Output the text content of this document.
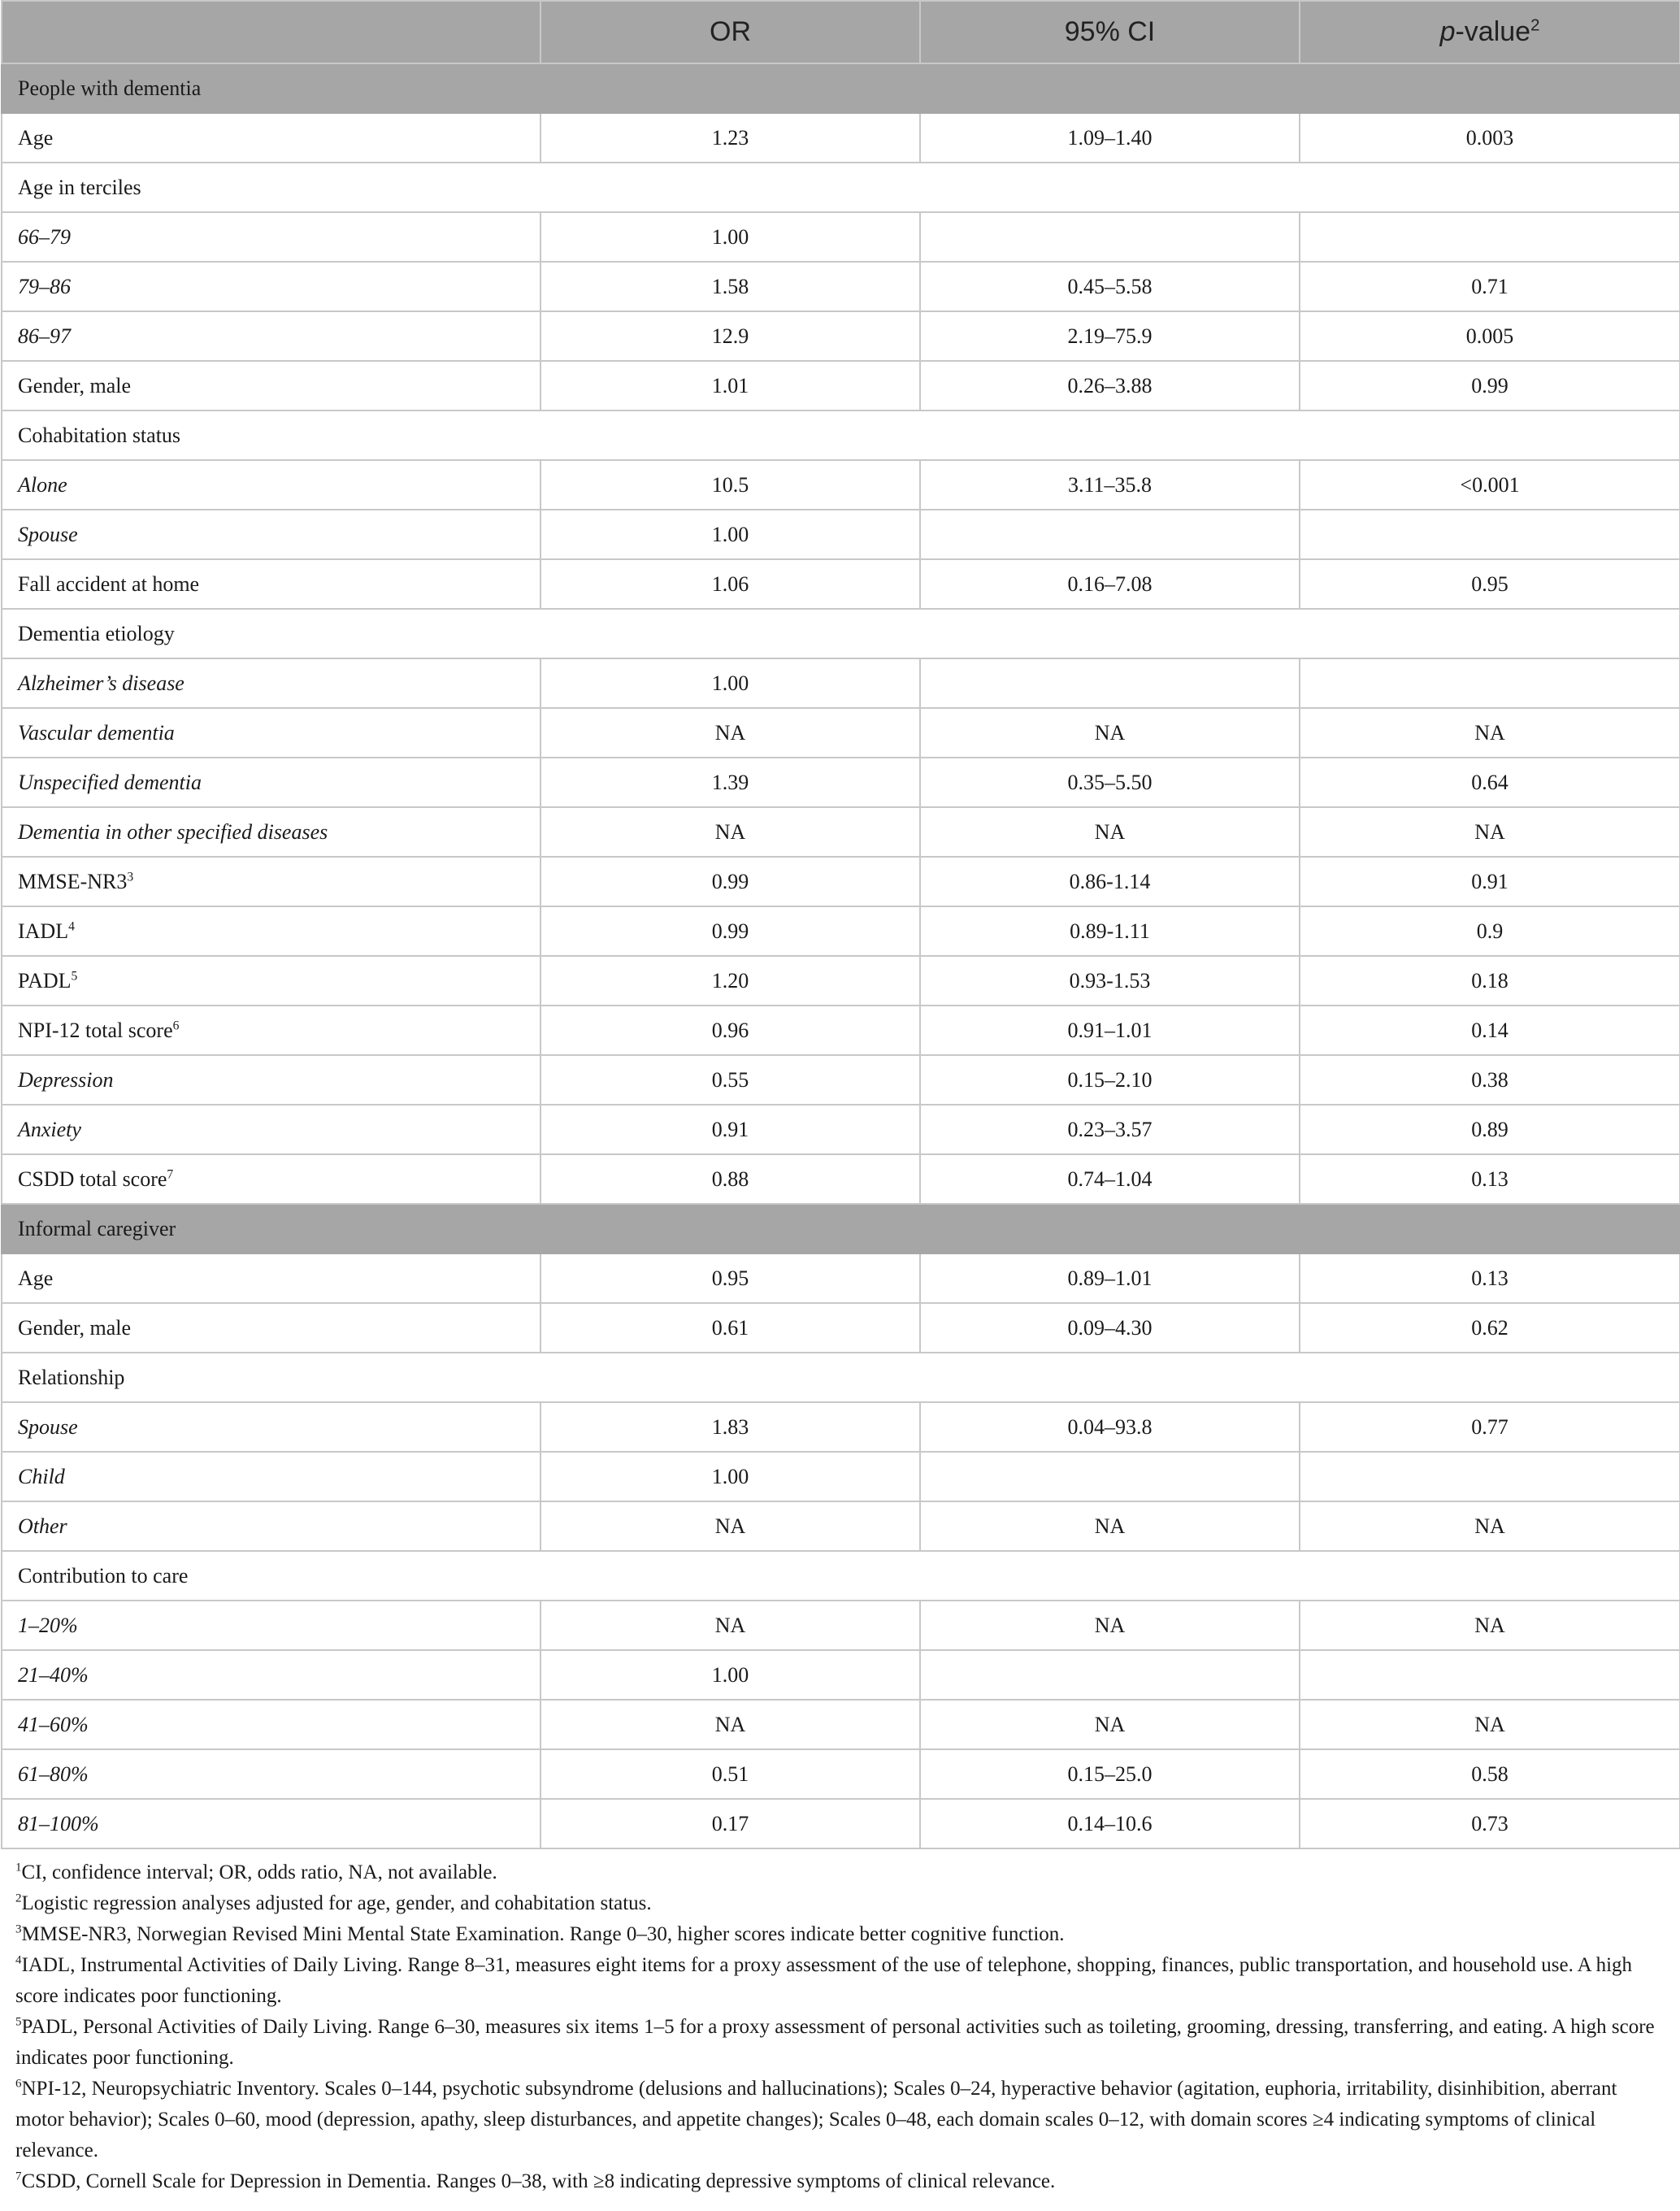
	OR	95% CI	p-value$^2$
People with dementia			
Age	1.23	1.09–1.40	0.003
Age in terciles			
66–79	1.00		
79–86	1.58	0.45–5.58	0.71
86–97	12.9	2.19–75.9	0.005
Gender, male	1.01	0.26–3.88	0.99
Cohabitation status			
Alone	10.5	3.11–35.8	<0.001
Spouse	1.00		
Fall accident at home	1.06	0.16–7.08	0.95
Dementia etiology			
Alzheimer’s disease	1.00		
Vascular dementia	NA	NA	NA
Unspecified dementia	1.39	0.35–5.50	0.64
Dementia in other specified diseases	NA	NA	NA
MMSE-$NR3^3$	0.99	0.86-1.14	0.91
IADL$^4$	0.99	0.89-1.11	0.9
PADL$^5$	1.20	0.93-1.53	0.18
NPI-12 total score$^6$	0.96	0.91–1.01	0.14
Depression	0.55	0.15–2.10	0.38
Anxiety	0.91	0.23–3.57	0.89
CSDD total score$^7$	0.88	0.74–1.04	0.13
Informal caregiver			
Age	0.95	0.89–1.01	0.13
Gender, male	0.61	0.09–4.30	0.62
Relationship			
Spouse	1.83	0.04–93.8	0.77
Child	1.00		
Other	NA	NA	NA
Contribution to care			
1–20%	NA	NA	NA
21–40%	1.00		
41–60%	NA	NA	NA
61–80%	0.51	0.15–25.0	0.58
81–100%	0.17	0.14–10.6	0.73

$^1$CI, confidence interval; OR, odds ratio, NA, not available.

$^2$Logistic regression analyses adjusted for age, gender, and cohabitation status.

$^3$MMSE-NR3, Norwegian Revised Mini Mental State Examination. Range 0–30, higher scores indicate better cognitive function.

$^4$IADL, Instrumental Activities of Daily Living. Range 8–31, measures eight items for a proxy assessment of the use of telephone, shopping, finances, public transportation, and household use. A high score indicates poor functioning.

$^5$PADL, Personal Activities of Daily Living. Range 6–30, measures six items 1–5 for a proxy assessment of personal activities such as toileting, grooming, dressing, transferring, and eating. A high score indicates poor functioning.

$^6$NPI-12, Neuropsychiatric Inventory. Scales 0–144, psychotic subsyndrome (delusions and hallucinations); Scales 0–24, hyperactive behavior (agitation, euphoria, irritability, disinhibition, aberrant motor behavior); Scales 0–60, mood (depression, apathy, sleep disturbances, and appetite changes); Scales 0–48, each domain scales 0–12, with domain scores ≥4 indicating symptoms of clinical relevance.

$^7$CSDD, Cornell Scale for Depression in Dementia. Ranges 0–38, with ≥8 indicating depressive symptoms of clinical relevance.
